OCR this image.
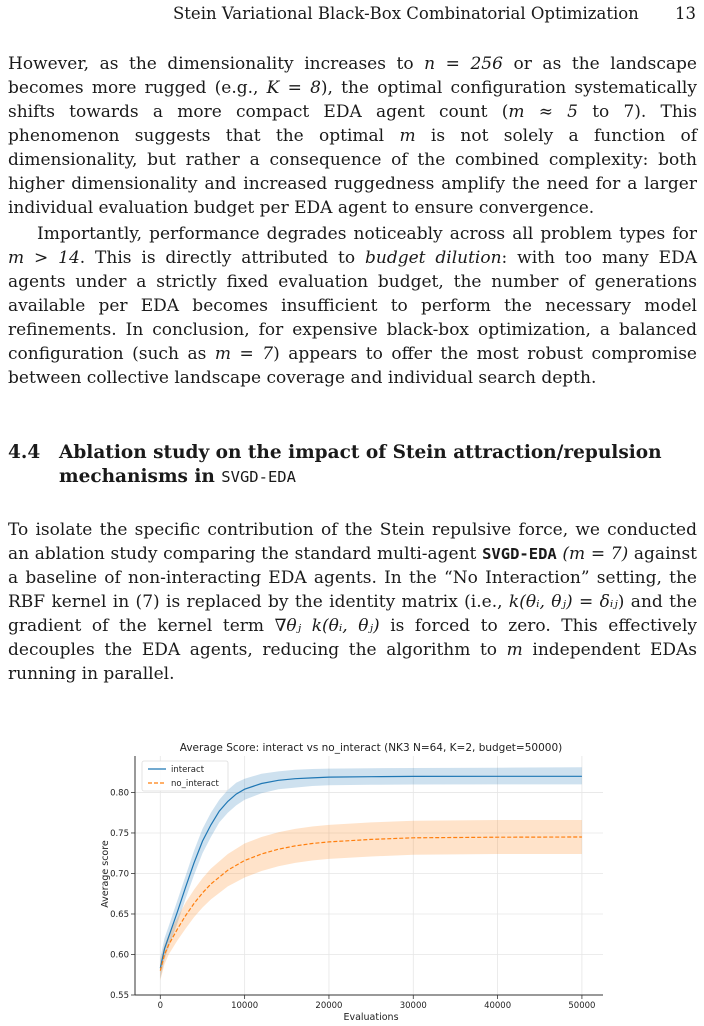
Stein Variational Black-Box Combinatorial Optimization 13

However, as the dimensionality increases to n = 256 or as the landscape becomes more rugged (e.g., K = 8), the optimal configuration systematically shifts towards a more compact EDA agent count (m ≈ 5 to 7). This phenomenon suggests that the optimal m is not solely a function of dimensionality, but rather a consequence of the combined complexity: both higher dimensionality and increased ruggedness amplify the need for a larger individual evaluation budget per EDA agent to ensure convergence.

Importantly, performance degrades noticeably across all problem types for m > 14. This is directly attributed to budget dilution: with too many EDA agents under a strictly fixed evaluation budget, the number of generations available per EDA becomes insufficient to perform the necessary model refinements. In conclusion, for expensive black-box optimization, a balanced configuration (such as m = 7) appears to offer the most robust compromise between collective landscape coverage and individual search depth.

4.4 Ablation study on the impact of Stein attraction/repulsion mechanisms in SVGD-EDA

To isolate the specific contribution of the Stein repulsive force, we conducted an ablation study comparing the standard multi-agent SVGD-EDA (m = 7) against a baseline of non-interacting EDA agents. In the “No Interaction” setting, the RBF kernel in (7) is replaced by the identity matrix (i.e., k(θᵢ, θⱼ) = δᵢⱼ) and the gradient of the kernel term ∇θⱼ k(θᵢ, θⱼ) is forced to zero. This effectively decouples the EDA agents, reducing the algorithm to m independent EDAs running in parallel.

Average Score: interact vs no_interact (NK3 N=64, K=2, budget=50000)
0	10000	20000	30000	40000	50000
0.55
0.60
0.65
0.70
0.75
0.80
Evaluations
Average score
interact
no_interact
